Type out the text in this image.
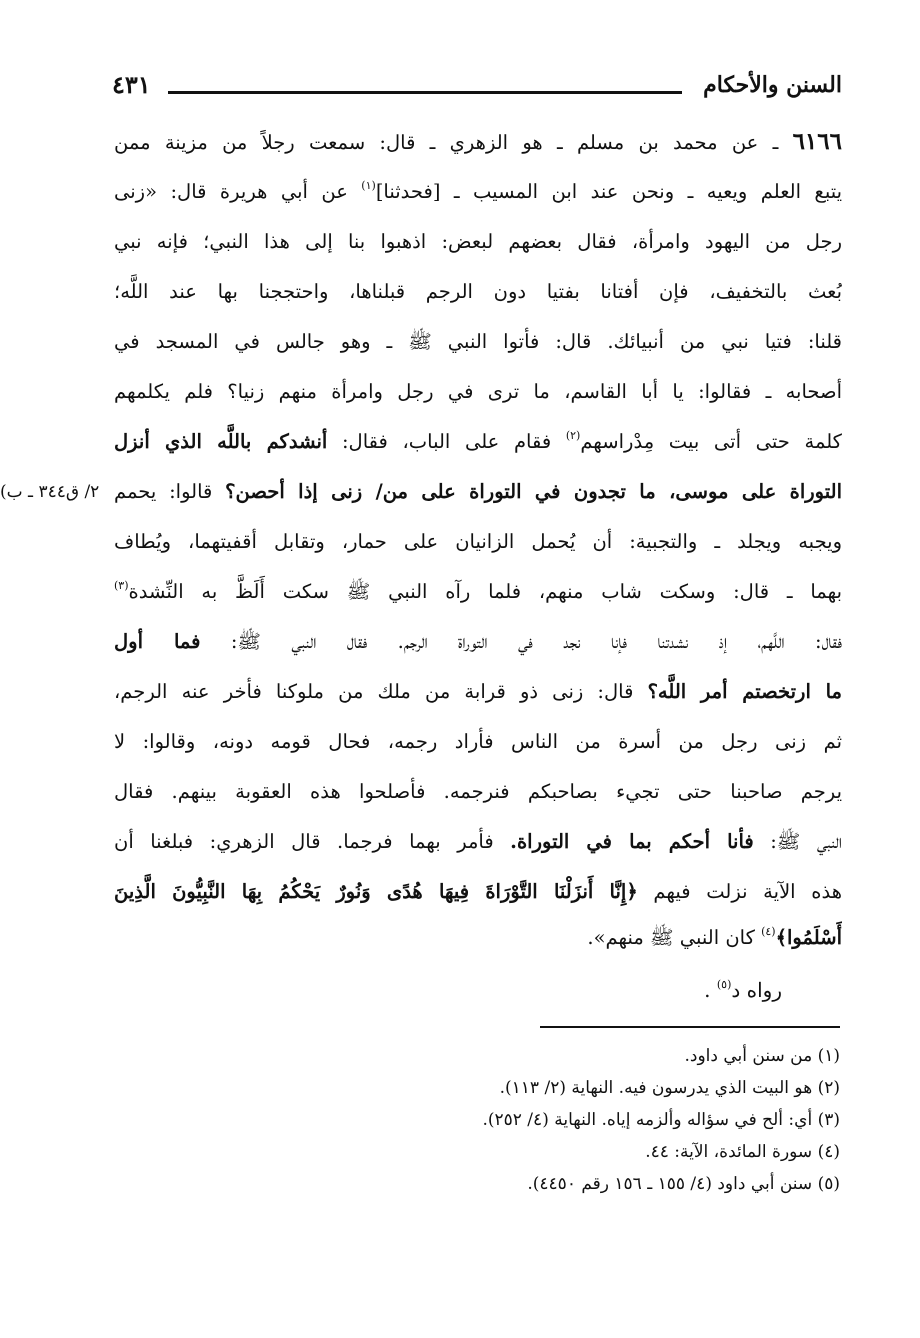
السنن والأحكام
٤٣١
٦١٦٦ ـ عن محمد بن مسلم ـ هو الزهري ـ قال: سمعت رجلاً من مزينة ممن
يتبع العلم ويعيه ـ ونحن عند ابن المسيب ـ [فحدثنا]$^{(١)}$ عن أبي هريرة قال: «زنى
رجل من اليهود وامرأة، فقال بعضهم لبعض: اذهبوا بنا إلى هذا النبي؛ فإنه نبي
بُعث بالتخفيف، فإن أفتانا بفتيا دون الرجم قبلناها، واحتججنا بها عند اللَّه؛
قلنا: فتيا نبي من أنبيائك. قال: فأتوا النبي ﷺ ـ وهو جالس في المسجد في
أصحابه ـ فقالوا: يا أبا القاسم، ما ترى في رجل وامرأة منهم زنيا؟ فلم يكلمهم
كلمة حتى أتى بيت مِدْراسهم$^{(٢)}$ فقام على الباب، فقال: أنشدكم باللَّه الذي أنزل
التوراة على موسى، ما تجدون في التوراة على من/ زنى إذا أحصن؟ قالوا: يحمم
(٢/ ق٣٤٤ ـ ب
ويجبه ويجلد ـ والتجبية: أن يُحمل الزانيان على حمار، وتقابل أقفيتهما، ويُطاف
بهما ـ قال: وسكت شاب منهم، فلما رآه النبي ﷺ سكت أَلَظَّ به النِّشدة$^{(٣)}$
فقال: اللَّهم، إذ نشدتنا فإنا نجد في التوراة الرجم. فقال النبي ﷺ: فما أول
ما ارتخصتم أمر اللَّه؟ قال: زنى ذو قرابة من ملك من ملوكنا فأخر عنه الرجم،
ثم زنى رجل من أسرة من الناس فأراد رجمه، فحال قومه دونه، وقالوا: لا
يرجم صاحبنا حتى تجيء بصاحبكم فنرجمه. فأصلحوا هذه العقوبة بينهم. فقال
النبي ﷺ: فأنا أحكم بما في التوراة. فأمر بهما فرجما. قال الزهري: فبلغنا أن
هذه الآية نزلت فيهم ﴿إِنَّا أَنزَلْنَا التَّوْرَاةَ فِيهَا هُدًى وَنُورٌ يَحْكُمُ بِهَا النَّبِيُّونَ الَّذِينَ
أَسْلَمُوا﴾$^{(٤)}$ كان النبي ﷺ منهم».
رواه د$^{(٥)}$ .
(١) من سنن أبي داود.
(٢) هو البيت الذي يدرسون فيه. النهاية (٢/ ١١٣).
(٣) أي: ألح في سؤاله وألزمه إياه. النهاية (٤/ ٢٥٢).
(٤) سورة المائدة، الآية: ٤٤.
(٥) سنن أبي داود (٤/ ١٥٥ ـ ١٥٦ رقم ٤٤٥٠).
